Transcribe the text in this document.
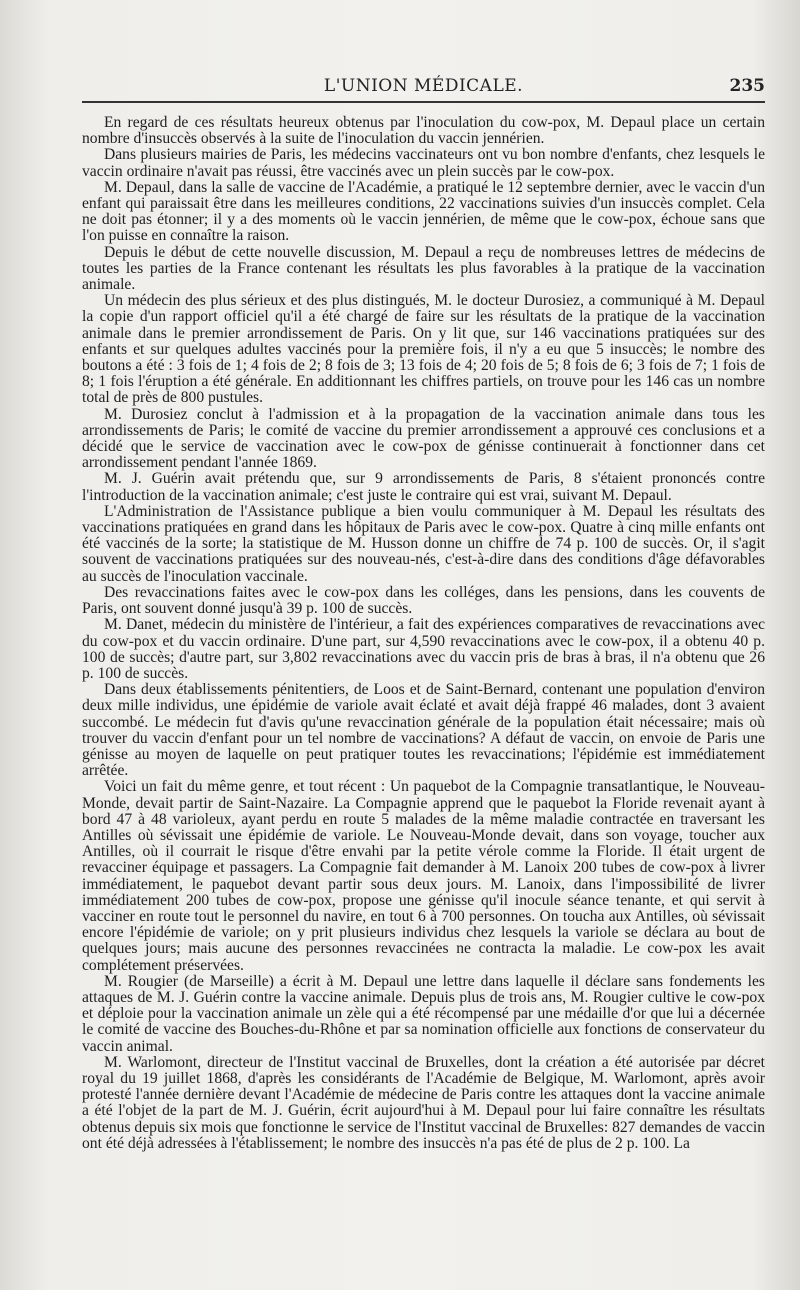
L'UNION MÉDICALE.	235

En regard de ces résultats heureux obtenus par l'inoculation du cow-pox, M. Depaul place un certain nombre d'insuccès observés à la suite de l'inoculation du vaccin jennérien.

Dans plusieurs mairies de Paris, les médecins vaccinateurs ont vu bon nombre d'enfants, chez lesquels le vaccin ordinaire n'avait pas réussi, être vaccinés avec un plein succès par le cow-pox.

M. Depaul, dans la salle de vaccine de l'Académie, a pratiqué le 12 septembre dernier, avec le vaccin d'un enfant qui paraissait être dans les meilleures conditions, 22 vaccinations suivies d'un insuccès complet. Cela ne doit pas étonner; il y a des moments où le vaccin jennérien, de même que le cow-pox, échoue sans que l'on puisse en connaître la raison.

Depuis le début de cette nouvelle discussion, M. Depaul a reçu de nombreuses lettres de médecins de toutes les parties de la France contenant les résultats les plus favorables à la pratique de la vaccination animale.

Un médecin des plus sérieux et des plus distingués, M. le docteur Durosiez, a communiqué à M. Depaul la copie d'un rapport officiel qu'il a été chargé de faire sur les résultats de la pratique de la vaccination animale dans le premier arrondissement de Paris. On y lit que, sur 146 vaccinations pratiquées sur des enfants et sur quelques adultes vaccinés pour la première fois, il n'y a eu que 5 insuccès; le nombre des boutons a été : 3 fois de 1; 4 fois de 2; 8 fois de 3; 13 fois de 4; 20 fois de 5; 8 fois de 6; 3 fois de 7; 1 fois de 8; 1 fois l'éruption a été générale. En additionnant les chiffres partiels, on trouve pour les 146 cas un nombre total de près de 800 pustules.

M. Durosiez conclut à l'admission et à la propagation de la vaccination animale dans tous les arrondissements de Paris; le comité de vaccine du premier arrondissement a approuvé ces conclusions et a décidé que le service de vaccination avec le cow-pox de génisse continuerait à fonctionner dans cet arrondissement pendant l'année 1869.

M. J. Guérin avait prétendu que, sur 9 arrondissements de Paris, 8 s'étaient prononcés contre l'introduction de la vaccination animale; c'est juste le contraire qui est vrai, suivant M. Depaul.

L'Administration de l'Assistance publique a bien voulu communiquer à M. Depaul les résultats des vaccinations pratiquées en grand dans les hôpitaux de Paris avec le cow-pox. Quatre à cinq mille enfants ont été vaccinés de la sorte; la statistique de M. Husson donne un chiffre de 74 p. 100 de succès. Or, il s'agit souvent de vaccinations pratiquées sur des nouveau-nés, c'est-à-dire dans des conditions d'âge défavorables au succès de l'inoculation vaccinale.

Des revaccinations faites avec le cow-pox dans les colléges, dans les pensions, dans les couvents de Paris, ont souvent donné jusqu'à 39 p. 100 de succès.

M. Danet, médecin du ministère de l'intérieur, a fait des expériences comparatives de revaccinations avec du cow-pox et du vaccin ordinaire. D'une part, sur 4,590 revaccinations avec le cow-pox, il a obtenu 40 p. 100 de succès; d'autre part, sur 3,802 revaccinations avec du vaccin pris de bras à bras, il n'a obtenu que 26 p. 100 de succès.

Dans deux établissements pénitentiers, de Loos et de Saint-Bernard, contenant une population d'environ deux mille individus, une épidémie de variole avait éclaté et avait déjà frappé 46 malades, dont 3 avaient succombé. Le médecin fut d'avis qu'une revaccination générale de la population était nécessaire; mais où trouver du vaccin d'enfant pour un tel nombre de vaccinations? A défaut de vaccin, on envoie de Paris une génisse au moyen de laquelle on peut pratiquer toutes les revaccinations; l'épidémie est immédiatement arrêtée.

Voici un fait du même genre, et tout récent : Un paquebot de la Compagnie transatlantique, le Nouveau-Monde, devait partir de Saint-Nazaire. La Compagnie apprend que le paquebot la Floride revenait ayant à bord 47 à 48 varioleux, ayant perdu en route 5 malades de la même maladie contractée en traversant les Antilles où sévissait une épidémie de variole. Le Nouveau-Monde devait, dans son voyage, toucher aux Antilles, où il courrait le risque d'être envahi par la petite vérole comme la Floride. Il était urgent de revacciner équipage et passagers. La Compagnie fait demander à M. Lanoix 200 tubes de cow-pox à livrer immédiatement, le paquebot devant partir sous deux jours. M. Lanoix, dans l'impossibilité de livrer immédiatement 200 tubes de cow-pox, propose une génisse qu'il inocule séance tenante, et qui servit à vacciner en route tout le personnel du navire, en tout 6 à 700 personnes. On toucha aux Antilles, où sévissait encore l'épidémie de variole; on y prit plusieurs individus chez lesquels la variole se déclara au bout de quelques jours; mais aucune des personnes revaccinées ne contracta la maladie. Le cow-pox les avait complétement préservées.

M. Rougier (de Marseille) a écrit à M. Depaul une lettre dans laquelle il déclare sans fondements les attaques de M. J. Guérin contre la vaccine animale. Depuis plus de trois ans, M. Rougier cultive le cow-pox et déploie pour la vaccination animale un zèle qui a été récompensé par une médaille d'or que lui a décernée le comité de vaccine des Bouches-du-Rhône et par sa nomination officielle aux fonctions de conservateur du vaccin animal.

M. Warlomont, directeur de l'Institut vaccinal de Bruxelles, dont la création a été autorisée par décret royal du 19 juillet 1868, d'après les considérants de l'Académie de Belgique, M. Warlomont, après avoir protesté l'année dernière devant l'Académie de médecine de Paris contre les attaques dont la vaccine animale a été l'objet de la part de M. J. Guérin, écrit aujourd'hui à M. Depaul pour lui faire connaître les résultats obtenus depuis six mois que fonctionne le service de l'Institut vaccinal de Bruxelles: 827 demandes de vaccin ont été déjà adressées à l'établissement; le nombre des insuccès n'a pas été de plus de 2 p. 100. La
